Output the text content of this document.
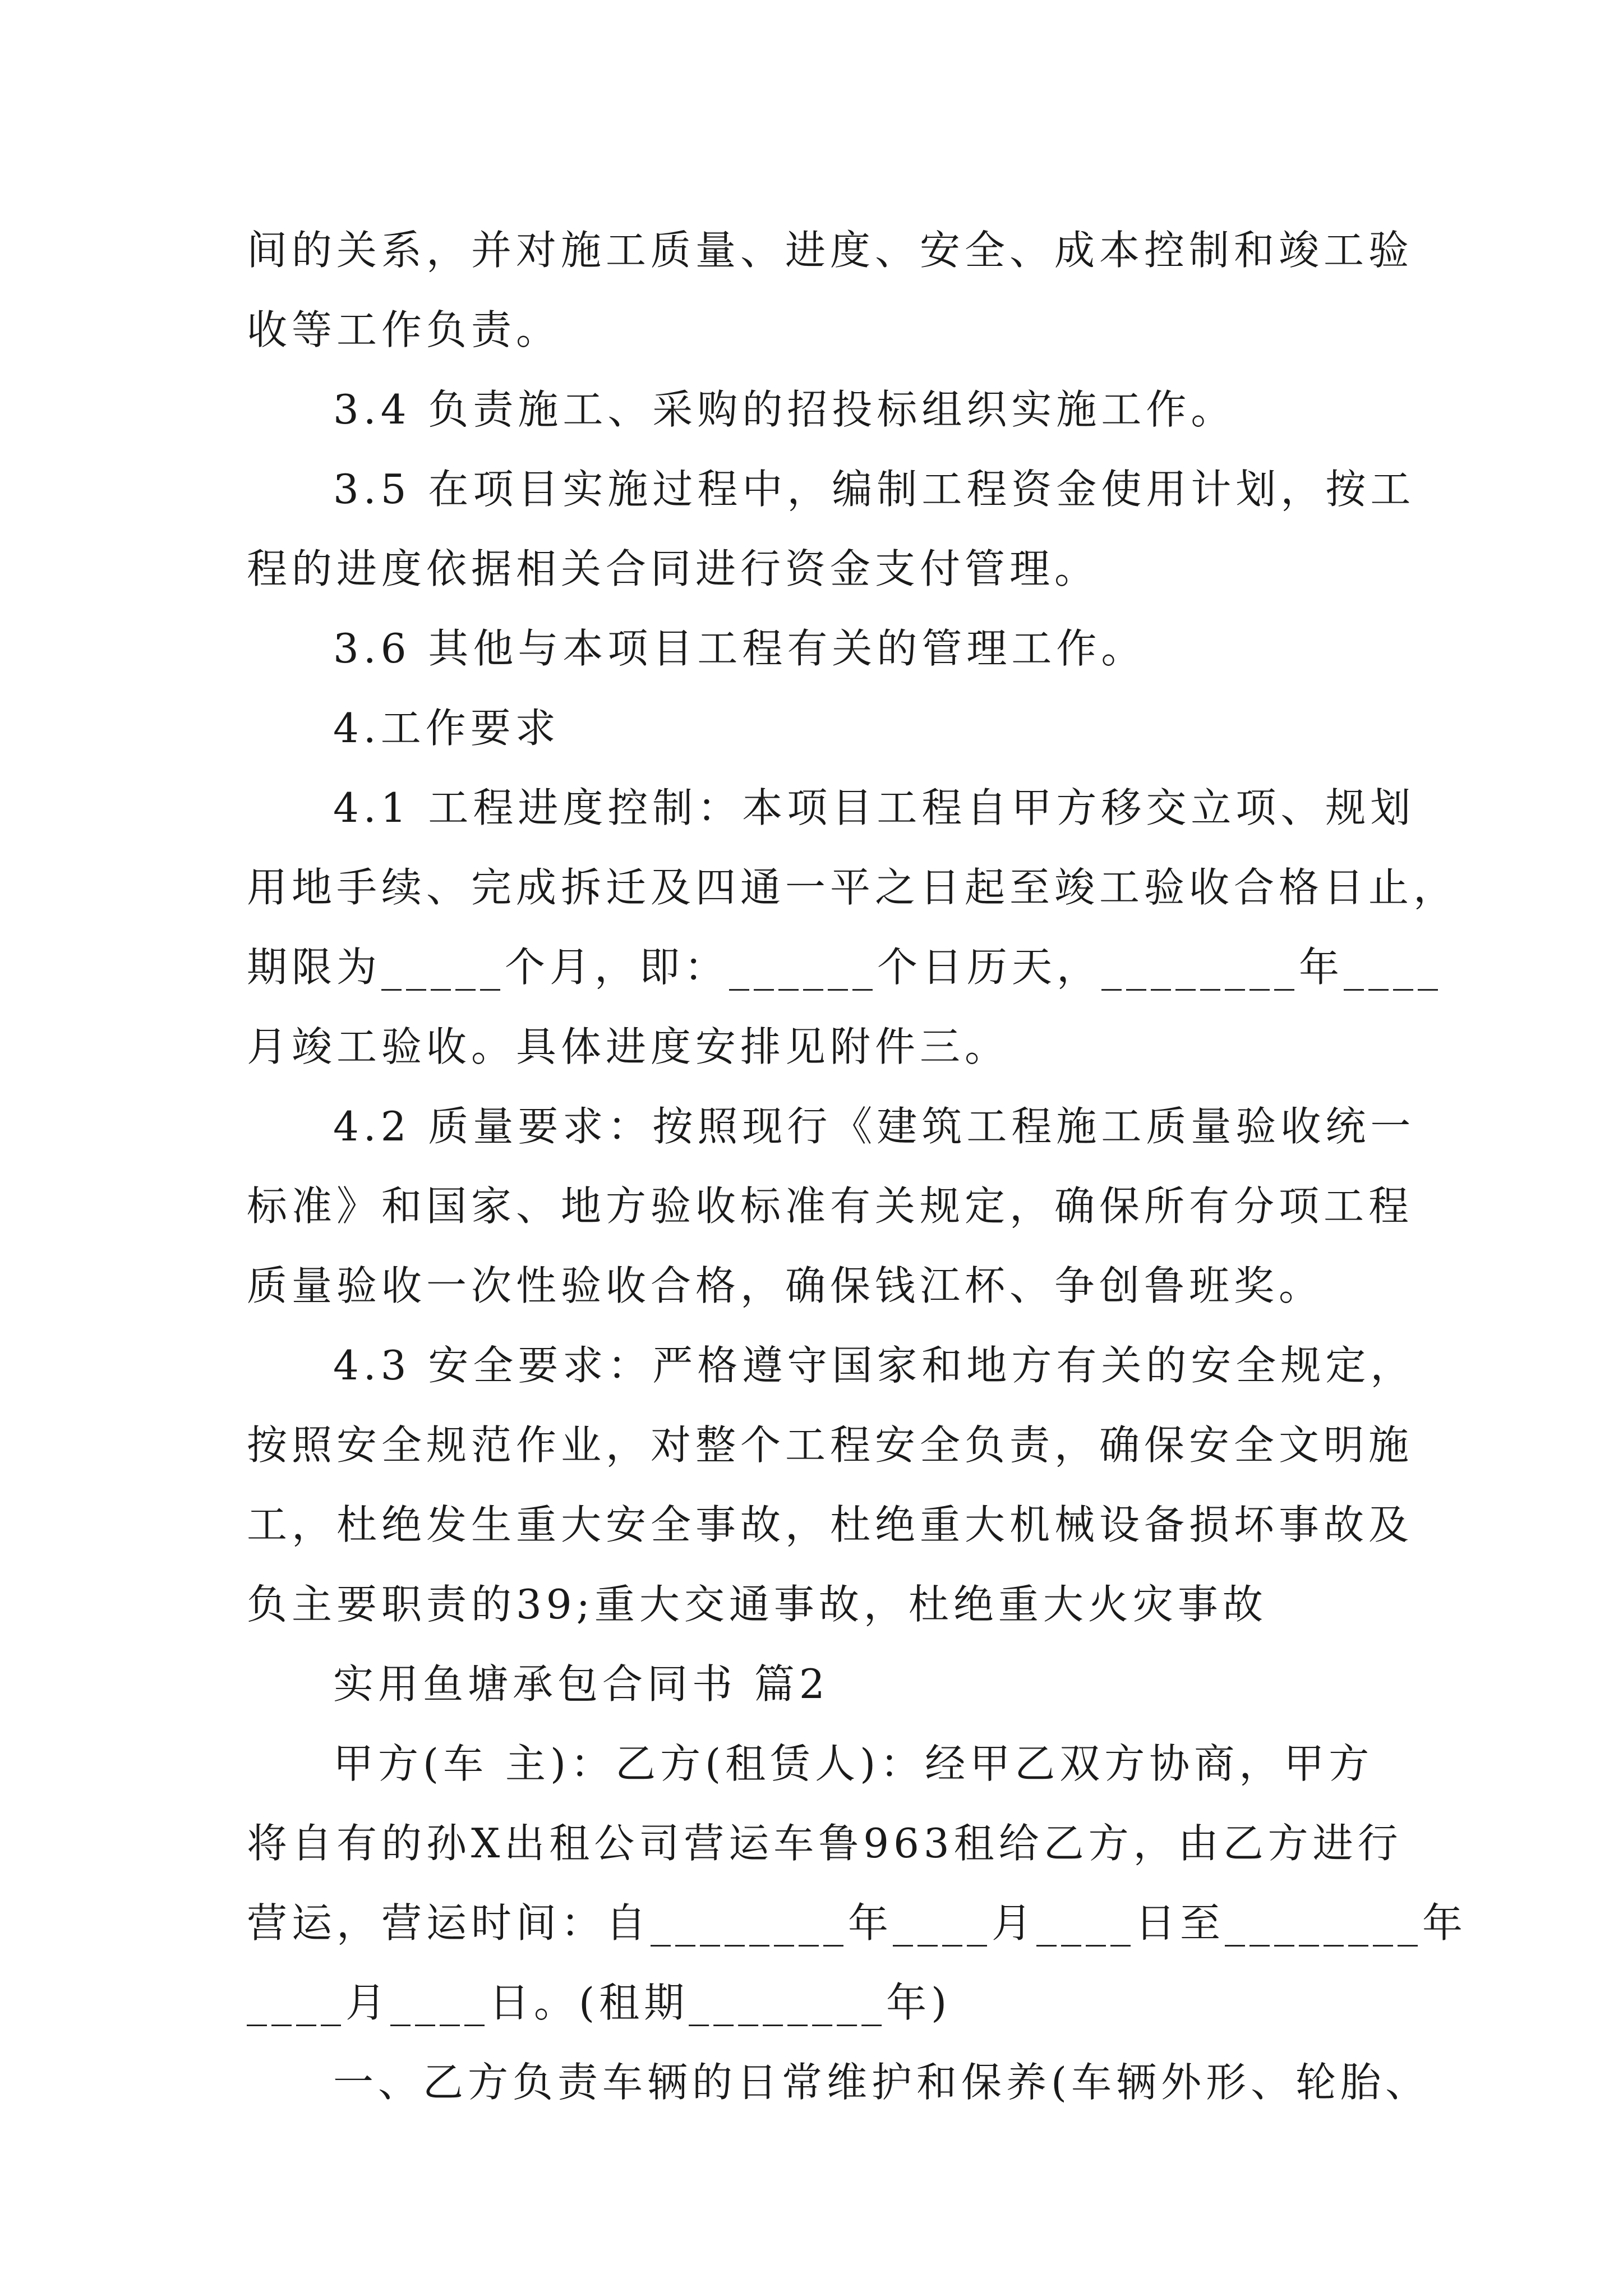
间的关系，并对施工质量、进度、安全、成本控制和竣工验
收等工作负责。
3.4 负责施工、采购的招投标组织实施工作。
3.5 在项目实施过程中，编制工程资金使用计划，按工
程的进度依据相关合同进行资金支付管理。
3.6 其他与本项目工程有关的管理工作。
4.工作要求
4.1 工程进度控制：本项目工程自甲方移交立项、规划
用地手续、完成拆迁及四通一平之日起至竣工验收合格日止，
期限为_____个月，即：______个日历天，________年____
月竣工验收。具体进度安排见附件三。
4.2 质量要求：按照现行《建筑工程施工质量验收统一
标准》和国家、地方验收标准有关规定，确保所有分项工程
质量验收一次性验收合格，确保钱江杯、争创鲁班奖。
4.3 安全要求：严格遵守国家和地方有关的安全规定，
按照安全规范作业，对整个工程安全负责，确保安全文明施
工，杜绝发生重大安全事故，杜绝重大机械设备损坏事故及
负主要职责的39;重大交通事故，杜绝重大火灾事故
实用鱼塘承包合同书 篇2
甲方(车 主)：乙方(租赁人)：经甲乙双方协商，甲方
将自有的孙X出租公司营运车鲁963租给乙方，由乙方进行
营运，营运时间：自________年____月____日至________年
____月____日。(租期________年)
一、乙方负责车辆的日常维护和保养(车辆外形、轮胎、
